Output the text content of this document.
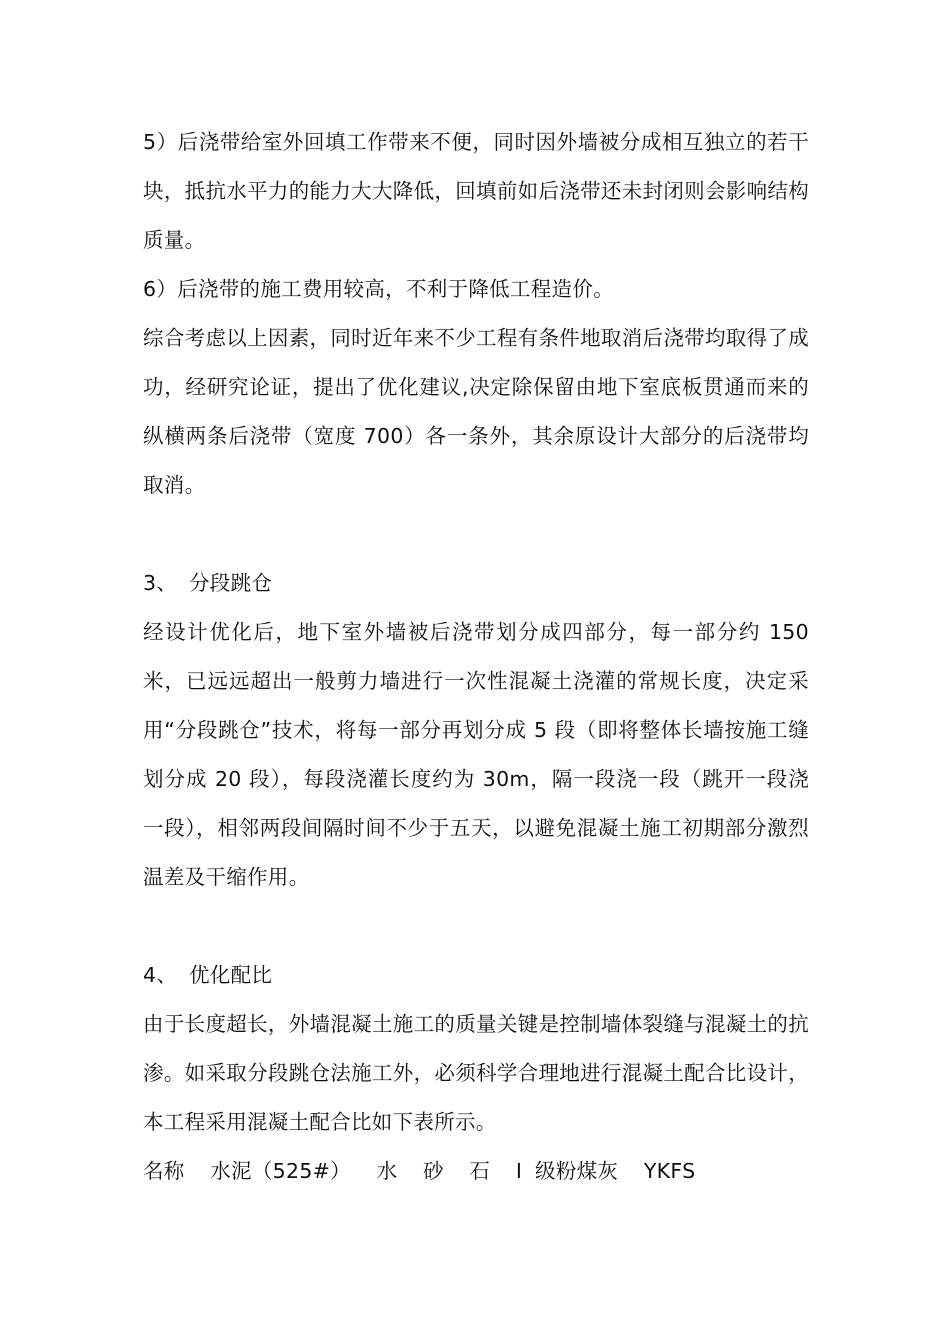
5）后浇带给室外回填工作带来不便，同时因外墙被分成相互独立的若干块，抵抗水平力的能力大大降低，回填前如后浇带还未封闭则会影响结构质量。

6）后浇带的施工费用较高，不利于降低工程造价。

综合考虑以上因素，同时近年来不少工程有条件地取消后浇带均取得了成功，经研究论证，提出了优化建议,决定除保留由地下室底板贯通而来的纵横两条后浇带（宽度 700）各一条外，其余原设计大部分的后浇带均取消。

3、 分段跳仓

经设计优化后，地下室外墙被后浇带划分成四部分，每一部分约 150 米，已远远超出一般剪力墙进行一次性混凝土浇灌的常规长度，决定采用“分段跳仓”技术，将每一部分再划分成 5 段（即将整体长墙按施工缝划分成 20 段），每段浇灌长度约为 30m，隔一段浇一段（跳开一段浇一段），相邻两段间隔时间不少于五天，以避免混凝土施工初期部分激烈温差及干缩作用。

4、 优化配比

由于长度超长，外墙混凝土施工的质量关键是控制墙体裂缝与混凝土的抗渗。如采取分段跳仓法施工外，必须科学合理地进行混凝土配合比设计，本工程采用混凝土配合比如下表所示。

名称  水泥（525#）  水  砂  石  I 级粉煤灰  YKFS
